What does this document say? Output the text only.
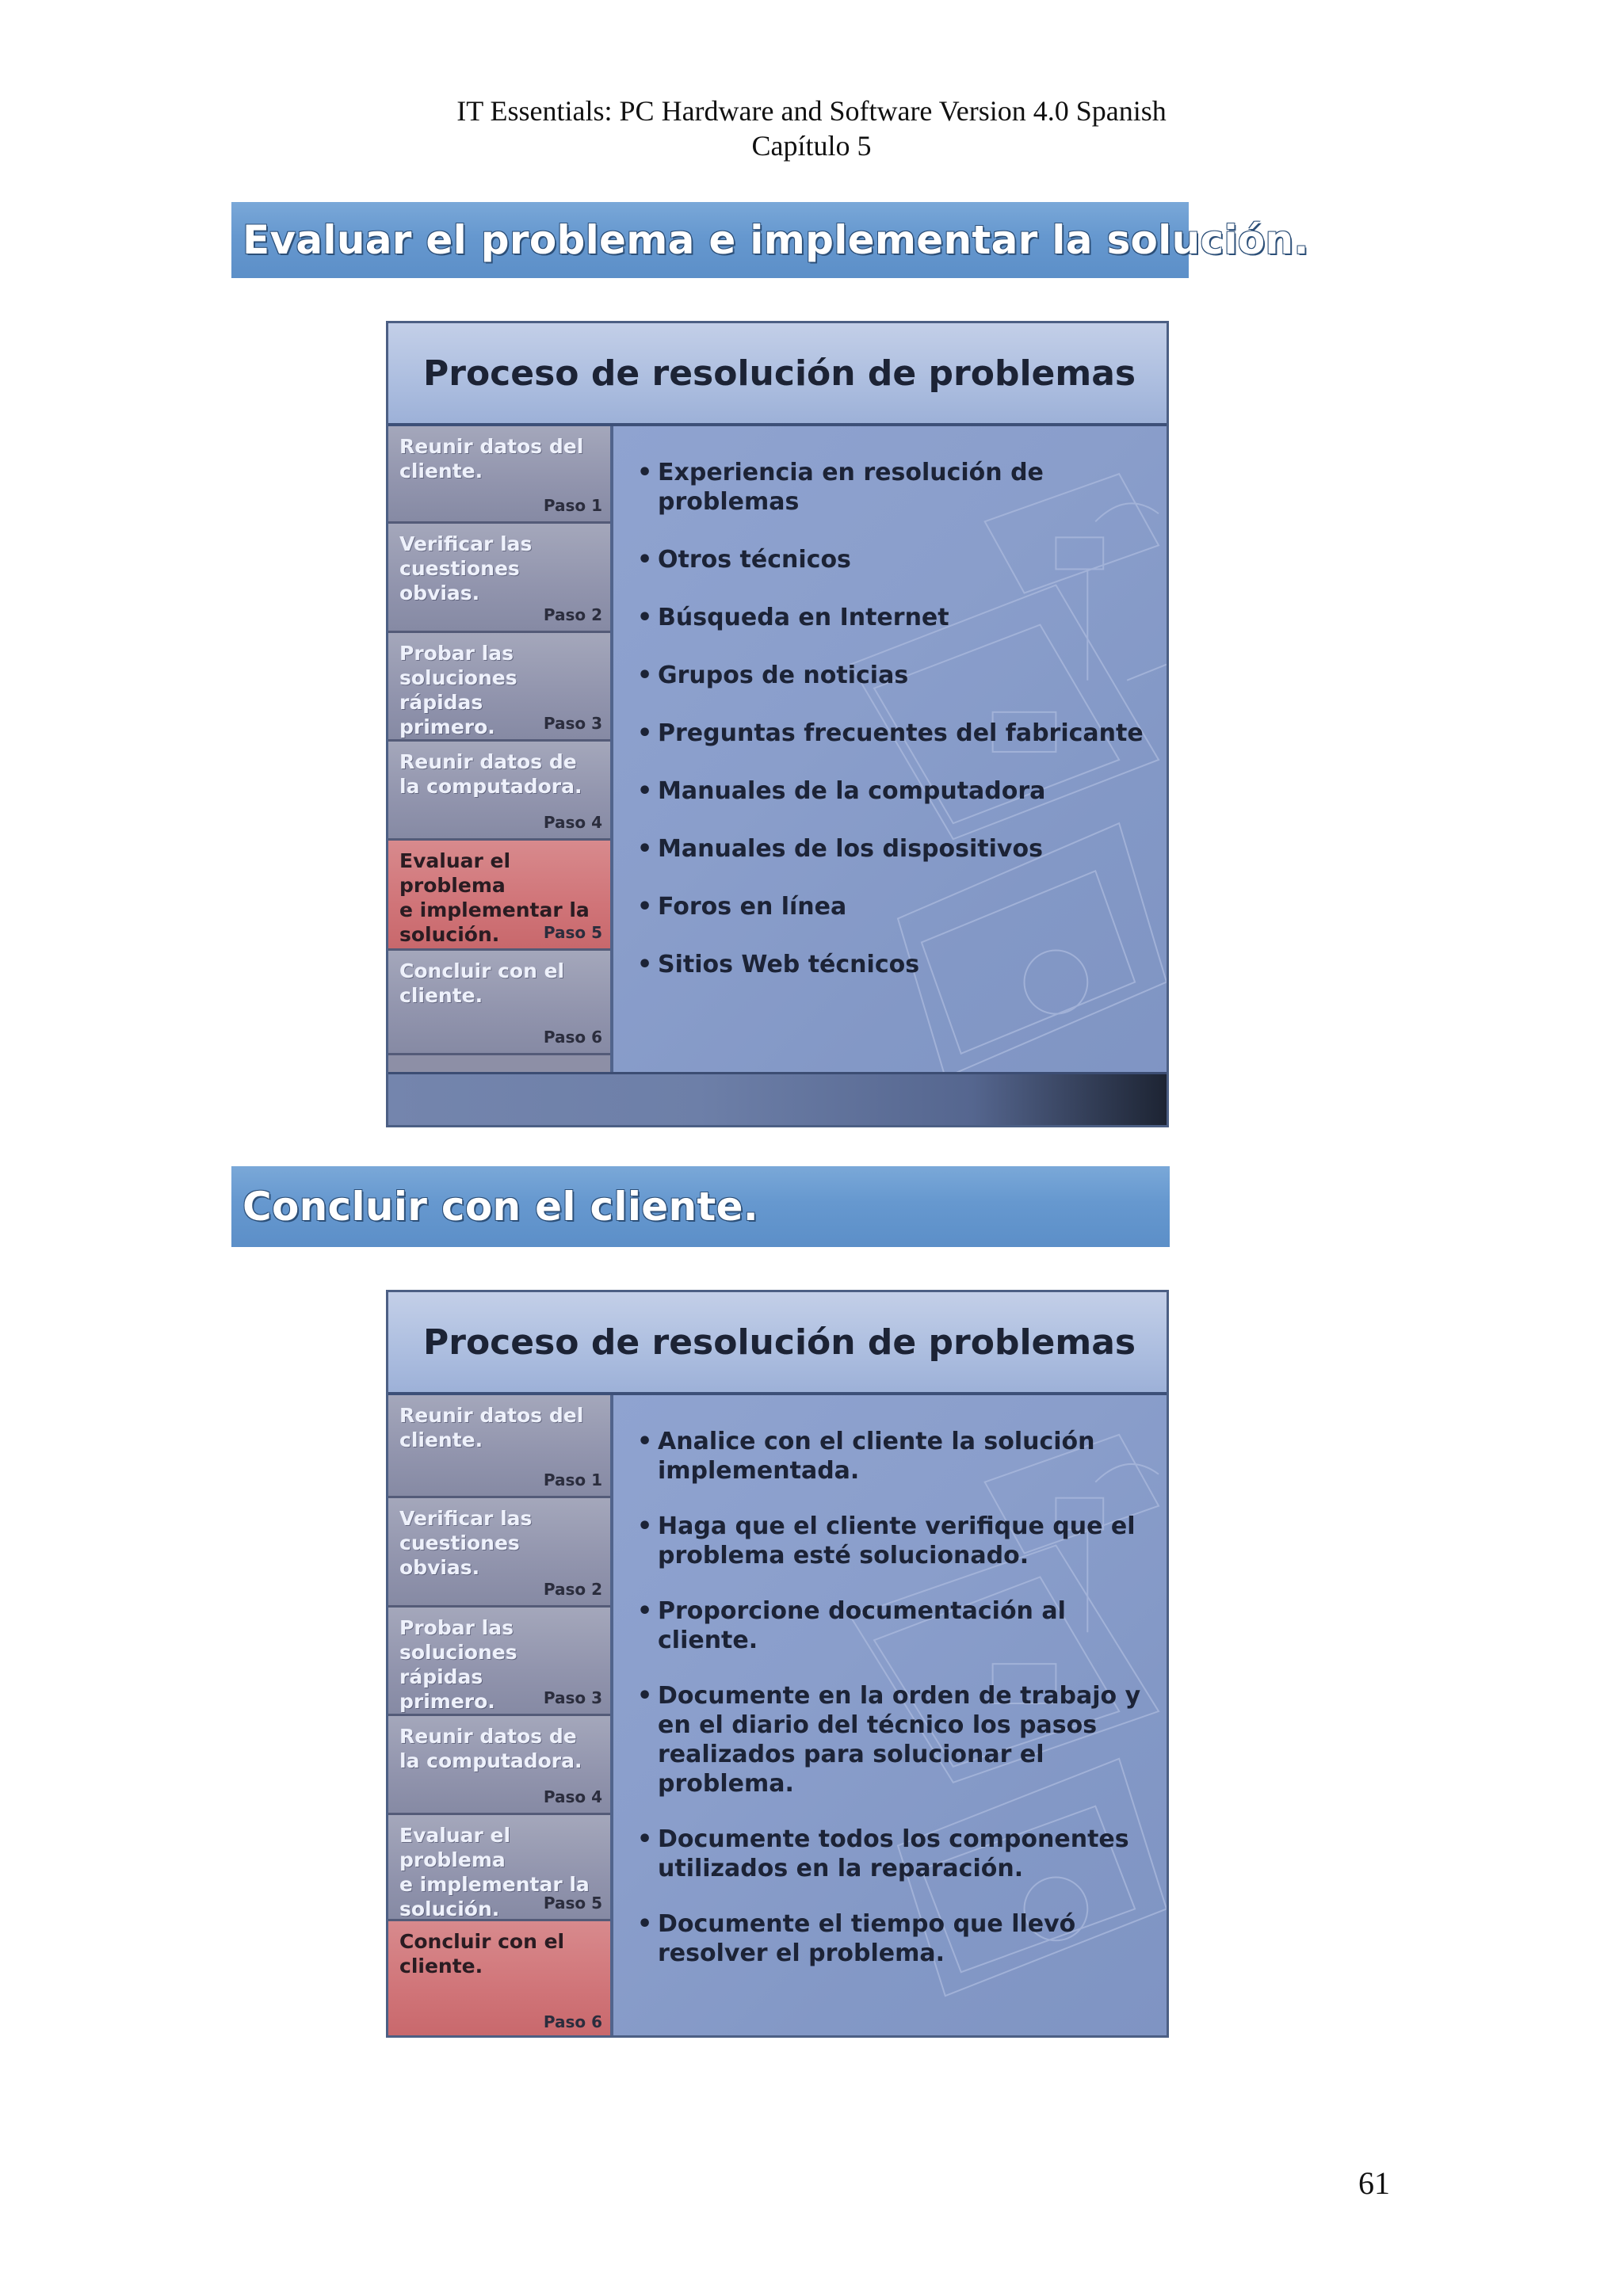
IT Essentials: PC Hardware and Software Version 4.0 Spanish
Capítulo 5
Evaluar el problema e implementar la solución.
Proceso de resolución de problemas
Reunir datos del
cliente.
Paso 1
Verificar las
cuestiones
obvias.
Paso 2
Probar las
soluciones
rápidas
primero.	Paso 3
Reunir datos de
la computadora.
Paso 4
Evaluar el problema
e implementar la
solución.	Paso 5
Concluir con el
cliente.
Paso 6
• Experiencia en resolución de problemas
• Otros técnicos
• Búsqueda en Internet
• Grupos de noticias
• Preguntas frecuentes del fabricante
• Manuales de la computadora
• Manuales de los dispositivos
• Foros en línea
• Sitios Web técnicos
Concluir con el cliente.
Proceso de resolución de problemas
Reunir datos del
cliente.
Paso 1
Verificar las
cuestiones
obvias.
Paso 2
Probar las
soluciones
rápidas
primero.	Paso 3
Reunir datos de
la computadora.
Paso 4
Evaluar el problema
e implementar la
solución.	Paso 5
Concluir con el
cliente.
Paso 6
• Analice con el cliente la solución implementada.
• Haga que el cliente verifique que el problema esté solucionado.
• Proporcione documentación al cliente.
• Documente en la orden de trabajo y en el diario del técnico los pasos realizados para solucionar el problema.
• Documente todos los componentes utilizados en la reparación.
• Documente el tiempo que llevó resolver el problema.
61
